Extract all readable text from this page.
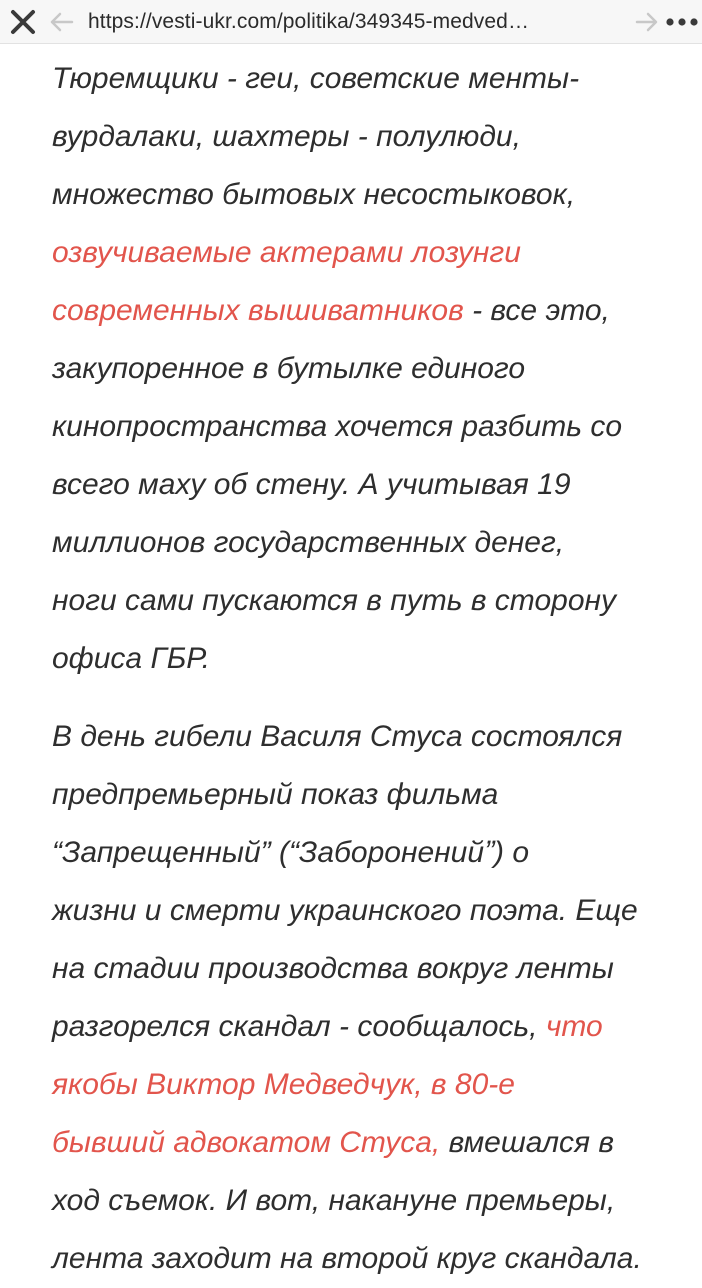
https://vesti-ukr.com/politika/349345-medved…

Тюремщики - геи, советские менты-
вурдалаки, шахтеры - полулюди,
множество бытовых несостыковок,
озвучиваемые актерами лозунги
современных вышиватников - все это,
закупоренное в бутылке единого
кинопространства хочется разбить со
всего маху об стену. А учитывая 19
миллионов государственных денег,
ноги сами пускаются в путь в сторону
офиса ГБР.

В день гибели Василя Стуса состоялся
предпремьерный показ фильма
“Запрещенный” (“Забороненийˮ) о
жизни и смерти украинского поэта. Еще
на стадии производства вокруг ленты
разгорелся скандал - сообщалось, что
якобы Виктор Медведчук, в 80-е
бывший адвокатом Стуса, вмешался в
ход съемок. И вот, накануне премьеры,
лента заходит на второй круг скандала.
